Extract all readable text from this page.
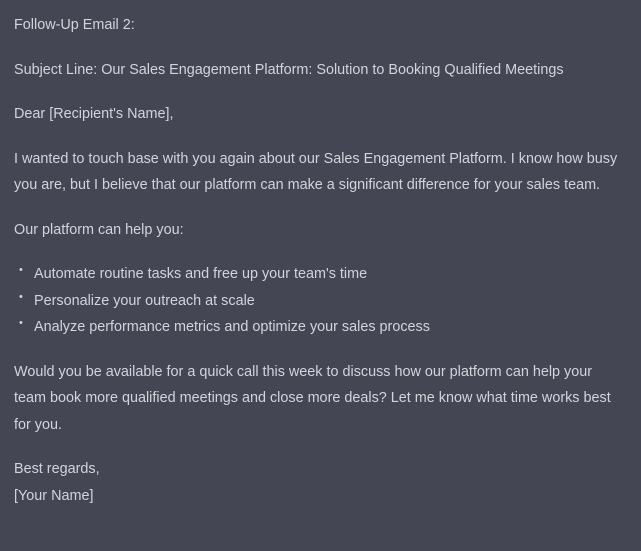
Follow-Up Email 2:

Subject Line: Our Sales Engagement Platform: Solution to Booking Qualified Meetings

Dear [Recipient's Name],

I wanted to touch base with you again about our Sales Engagement Platform. I know how busy you are, but I believe that our platform can make a significant difference for your sales team.

Our platform can help you:

• Automate routine tasks and free up your team's time
• Personalize your outreach at scale
• Analyze performance metrics and optimize your sales process

Would you be available for a quick call this week to discuss how our platform can help your team book more qualified meetings and close more deals? Let me know what time works best for you.

Best regards,
[Your Name]
